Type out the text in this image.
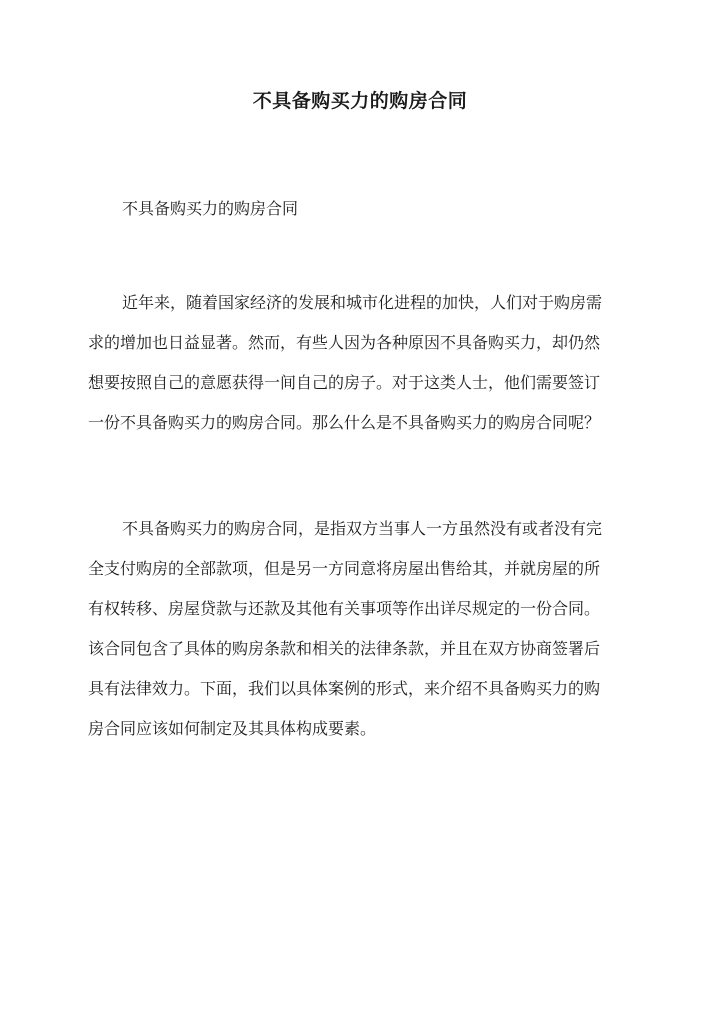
不具备购买力的购房合同

不具备购买力的购房合同

近年来，随着国家经济的发展和城市化进程的加快，人们对于购房需
求的增加也日益显著。然而，有些人因为各种原因不具备购买力，却仍然
想要按照自己的意愿获得一间自己的房子。对于这类人士，他们需要签订
一份不具备购买力的购房合同。那么什么是不具备购买力的购房合同呢？
不具备购买力的购房合同，是指双方当事人一方虽然没有或者没有完
全支付购房的全部款项，但是另一方同意将房屋出售给其，并就房屋的所
有权转移、房屋贷款与还款及其他有关事项等作出详尽规定的一份合同。
该合同包含了具体的购房条款和相关的法律条款，并且在双方协商签署后
具有法律效力。下面，我们以具体案例的形式，来介绍不具备购买力的购
房合同应该如何制定及其具体构成要素。
